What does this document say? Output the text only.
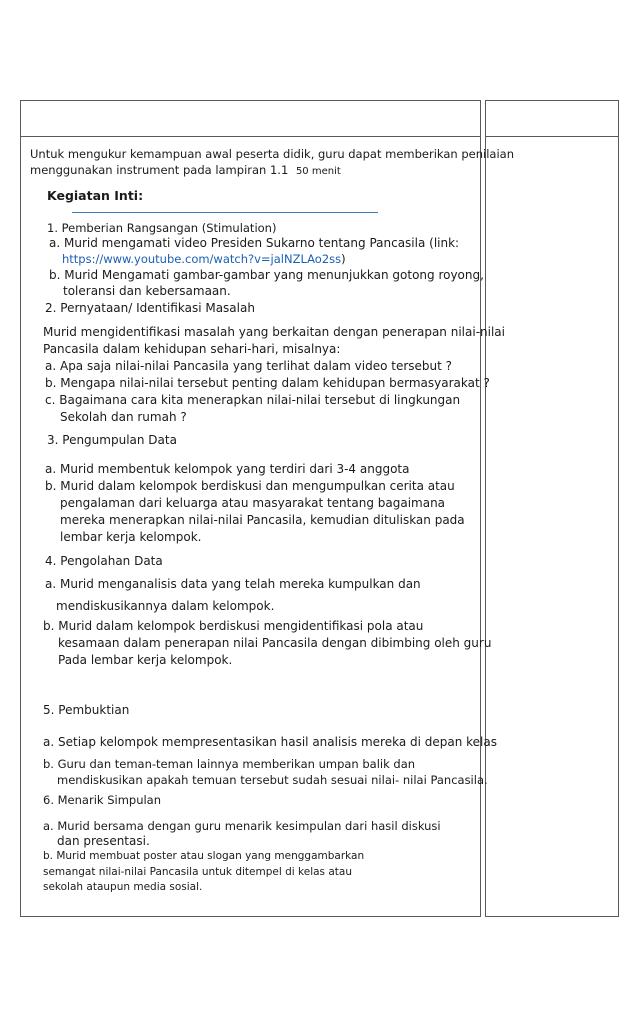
Untuk mengukur kemampuan awal peserta didik, guru dapat memberikan penilaian
menggunakan instrument pada lampiran 1.1 50 menit
Kegiatan Inti:
1. Pemberian Rangsangan (Stimulation)
a. Murid mengamati video Presiden Sukarno tentang Pancasila (link:
https://www.youtube.com/watch?v=jalNZLAo2ss)
b. Murid Mengamati gambar-gambar yang menunjukkan gotong royong,
toleransi dan kebersamaan.
2. Pernyataan/ Identifikasi Masalah
Murid mengidentifikasi masalah yang berkaitan dengan penerapan nilai-nilai
Pancasila dalam kehidupan sehari-hari, misalnya:
a. Apa saja nilai-nilai Pancasila yang terlihat dalam video tersebut ?
b. Mengapa nilai-nilai tersebut penting dalam kehidupan bermasyarakat ?
c. Bagaimana cara kita menerapkan nilai-nilai tersebut di lingkungan
Sekolah dan rumah ?
3. Pengumpulan Data
a. Murid membentuk kelompok yang terdiri dari 3-4 anggota
b. Murid dalam kelompok berdiskusi dan mengumpulkan cerita atau
pengalaman dari keluarga atau masyarakat tentang bagaimana
mereka menerapkan nilai-nilai Pancasila, kemudian dituliskan pada
lembar kerja kelompok.
4. Pengolahan Data
a. Murid menganalisis data yang telah mereka kumpulkan dan
mendiskusikannya dalam kelompok.
b. Murid dalam kelompok berdiskusi mengidentifikasi pola atau
kesamaan dalam penerapan nilai Pancasila dengan dibimbing oleh guru
Pada lembar kerja kelompok.
5. Pembuktian
a. Setiap kelompok mempresentasikan hasil analisis mereka di depan kelas
b. Guru dan teman-teman lainnya memberikan umpan balik dan
mendiskusikan apakah temuan tersebut sudah sesuai nilai- nilai Pancasila.
6. Menarik Simpulan
a. Murid bersama dengan guru menarik kesimpulan dari hasil diskusi
dan presentasi.
b. Murid membuat poster atau slogan yang menggambarkan
semangat nilai-nilai Pancasila untuk ditempel di kelas atau
sekolah ataupun media sosial.
